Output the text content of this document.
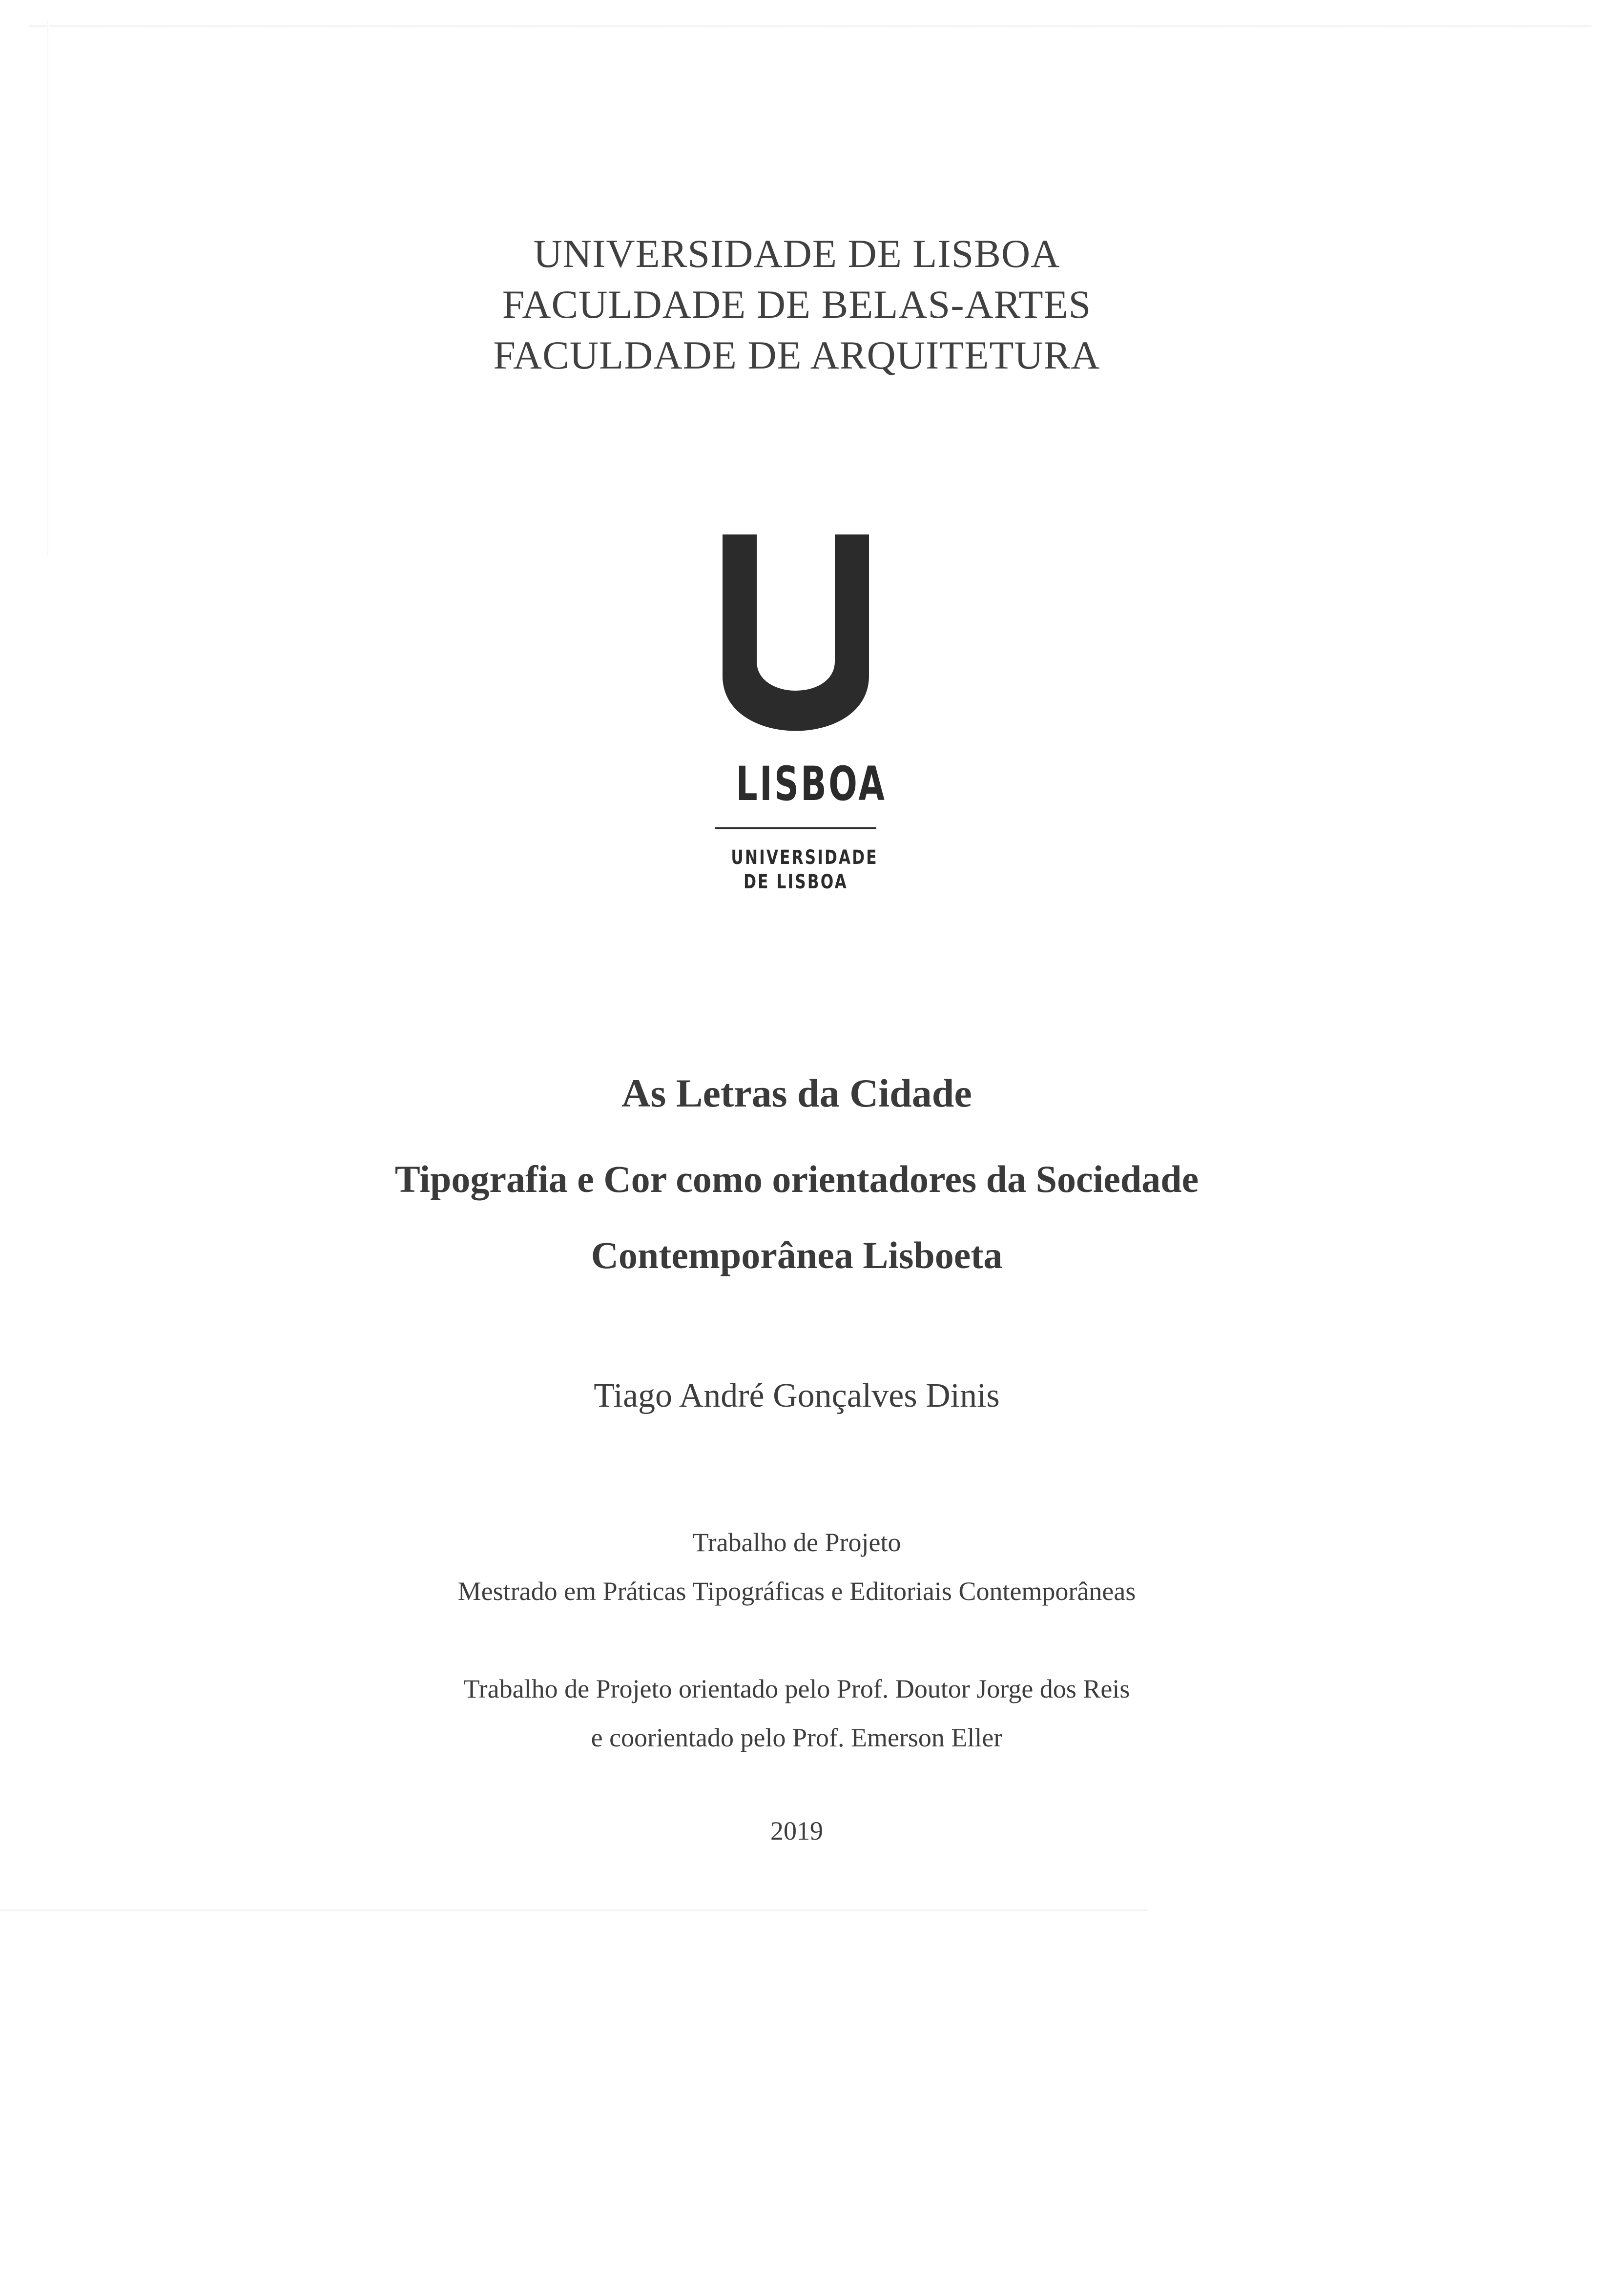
UNIVERSIDADE DE LISBOA
FACULDADE DE BELAS-ARTES
FACULDADE DE ARQUITETURA
LISBOA
UNIVERSIDADE
DE LISBOA
As Letras da Cidade
Tipografia e Cor como orientadores da Sociedade
Contemporânea Lisboeta
Tiago André Gonçalves Dinis
Trabalho de Projeto
Mestrado em Práticas Tipográficas e Editoriais Contemporâneas
Trabalho de Projeto orientado pelo Prof. Doutor Jorge dos Reis
e coorientado pelo Prof. Emerson Eller
2019
